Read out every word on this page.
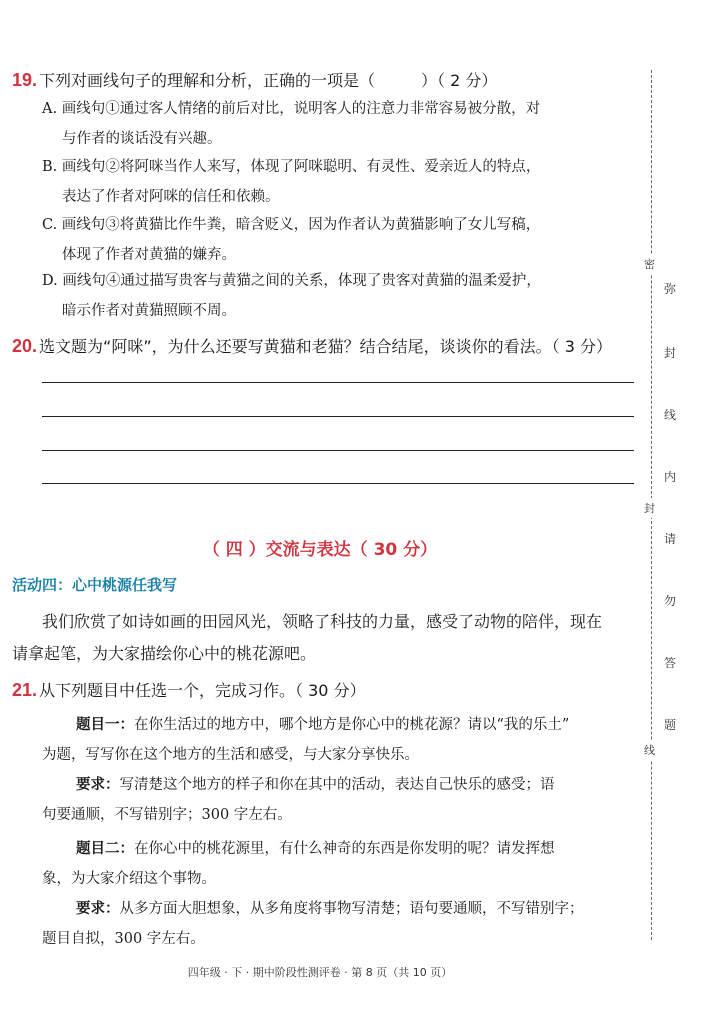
19. 下列对画线句子的理解和分析，正确的一项是（	）（ 2 分）
A. 画线句①通过客人情绪的前后对比，说明客人的注意力非常容易被分散，对
与作者的谈话没有兴趣。
B. 画线句②将阿咪当作人来写，体现了阿咪聪明、有灵性、爱亲近人的特点，
表达了作者对阿咪的信任和依赖。
C. 画线句③将黄猫比作牛粪，暗含贬义，因为作者认为黄猫影响了女儿写稿，
体现了作者对黄猫的嫌弃。
D. 画线句④通过描写贵客与黄猫之间的关系，体现了贵客对黄猫的温柔爱护，
暗示作者对黄猫照顾不周。
20. 选文题为“阿咪”，为什么还要写黄猫和老猫？结合结尾，谈谈你的看法。（ 3 分）
（ 四 ）交流与表达（ 30 分）
活动四：心中桃源任我写
我们欣赏了如诗如画的田园风光，领略了科技的力量，感受了动物的陪伴，现在
请拿起笔，为大家描绘你心中的桃花源吧。
21. 从下列题目中任选一个，完成习作。（ 30 分）
题目一：在你生活过的地方中，哪个地方是你心中的桃花源？请以“我的乐土”
为题，写写你在这个地方的生活和感受，与大家分享快乐。
要求：写清楚这个地方的样子和你在其中的活动，表达自己快乐的感受；语
句要通顺，不写错别字；300 字左右。
题目二：在你心中的桃花源里，有什么神奇的东西是你发明的呢？请发挥想
象，为大家介绍这个事物。
要求：从多方面大胆想象，从多角度将事物写清楚；语句要通顺，不写错别字；
题目自拟，300 字左右。
四年级 · 下 · 期中阶段性测评卷 · 第 8 页（共 10 页）
密
封
线
弥
封
线
内
请
勿
答
题
